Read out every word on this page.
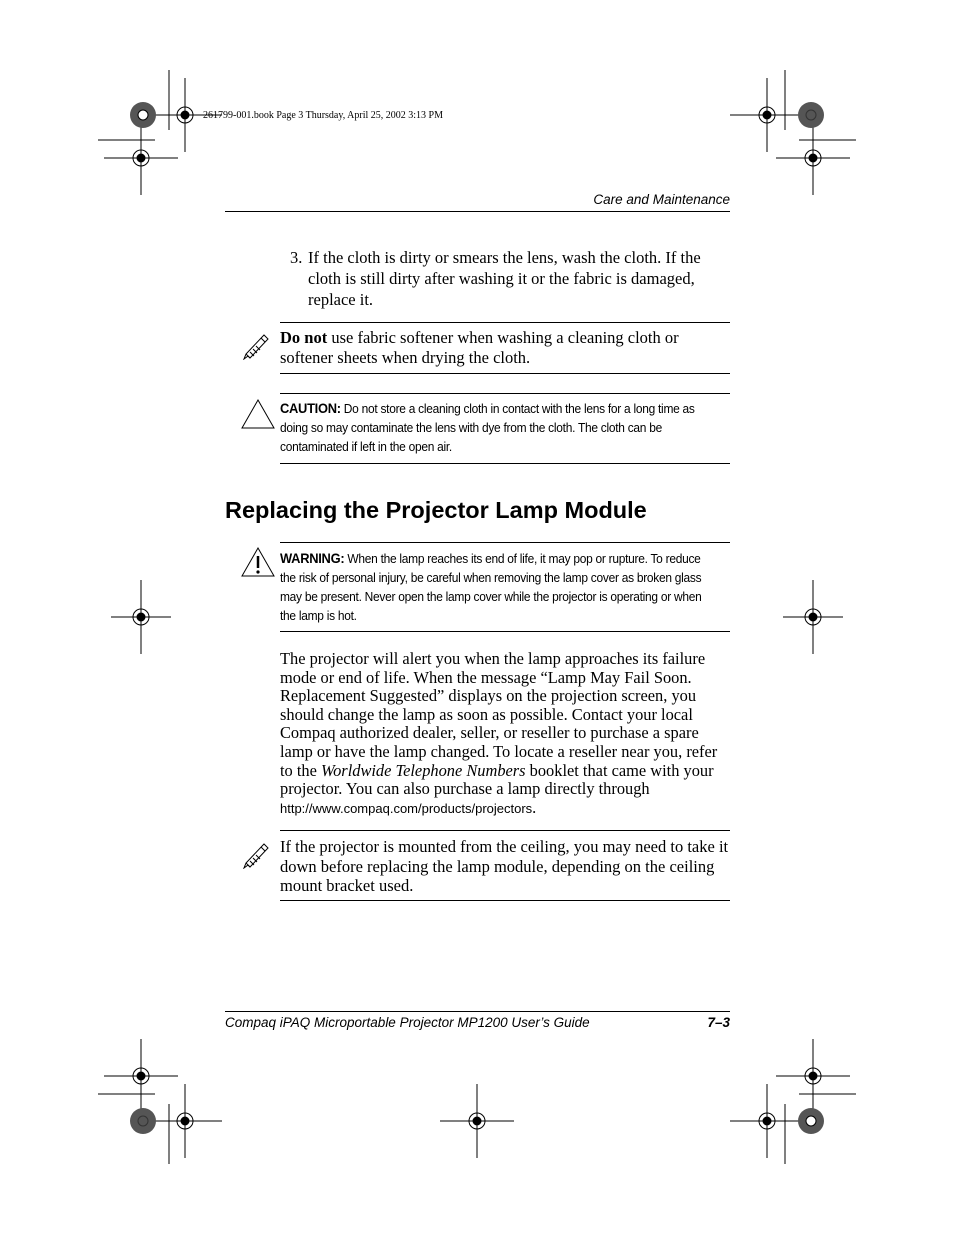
261799-001.book Page 3 Thursday, April 25, 2002 3:13 PM
Care and Maintenance
3. If the cloth is dirty or smears the lens, wash the cloth. If the cloth is still dirty after washing it or the fabric is damaged, replace it.
Do not use fabric softener when washing a cleaning cloth or softener sheets when drying the cloth.
CAUTION: Do not store a cleaning cloth in contact with the lens for a long time as doing so may contaminate the lens with dye from the cloth. The cloth can be contaminated if left in the open air.
Replacing the Projector Lamp Module
WARNING: When the lamp reaches its end of life, it may pop or rupture. To reduce the risk of personal injury, be careful when removing the lamp cover as broken glass may be present. Never open the lamp cover while the projector is operating or when the lamp is hot.
The projector will alert you when the lamp approaches its failure mode or end of life. When the message “Lamp May Fail Soon. Replacement Suggested” displays on the projection screen, you should change the lamp as soon as possible. Contact your local Compaq authorized dealer, seller, or reseller to purchase a spare lamp or have the lamp changed. To locate a reseller near you, refer to the Worldwide Telephone Numbers booklet that came with your projector. You can also purchase a lamp directly through http://www.compaq.com/products/projectors.
If the projector is mounted from the ceiling, you may need to take it down before replacing the lamp module, depending on the ceiling mount bracket used.
Compaq iPAQ Microportable Projector MP1200 User’s Guide	7–3
